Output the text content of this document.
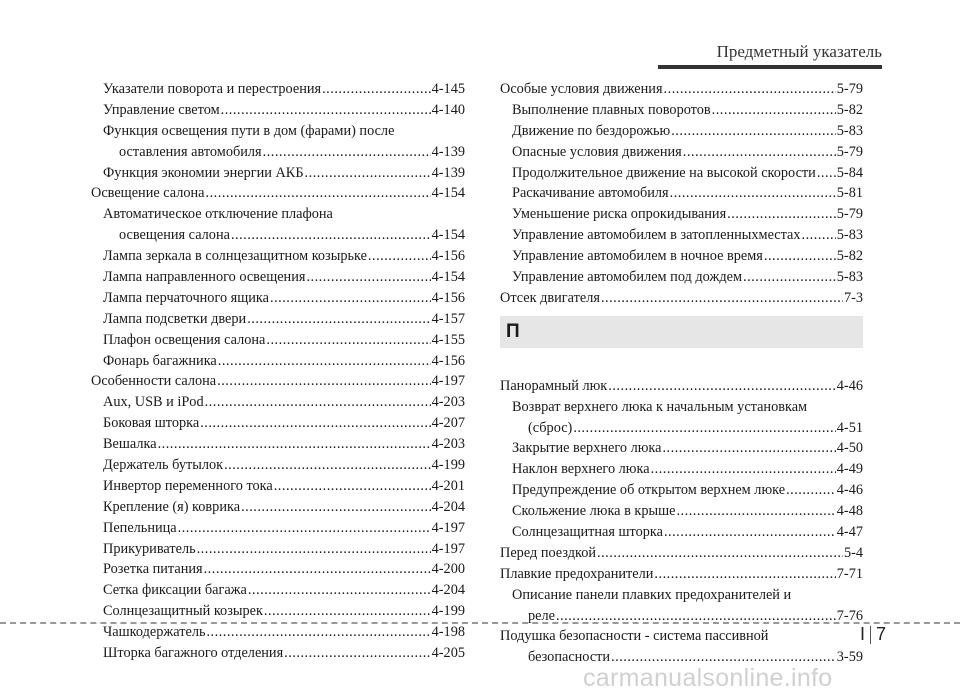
Предметный указатель
Указатели поворота и перестроения .....	4-145
Управление светом .....	4-140
Функция освещения пути в дом (фарами) после
оставления автомобиля .....	4-139
Функция экономии энергии АКБ .....	4-139
Освещение салона .....	4-154
Автоматическое отключение плафона
освещения салона .....	4-154
Лампа зеркала в солнцезащитном козырьке .....	4-156
Лампа направленного освещения .....	4-154
Лампа перчаточного ящика .....	4-156
Лампа подсветки двери .....	4-157
Плафон освещения салона .....	4-155
Фонарь багажника .....	4-156
Особенности салона .....	4-197
Aux, USB и iPod .....	4-203
Боковая шторка .....	4-207
Вешалка .....	4-203
Держатель бутылок .....	4-199
Инвертор переменного тока .....	4-201
Крепление (я) коврика .....	4-204
Пепельница .....	4-197
Прикуриватель .....	4-197
Розетка питания .....	4-200
Сетка фиксации багажа .....	4-204
Солнцезащитный козырек .....	4-199
Чашкодержатель .....	4-198
Шторка багажного отделения .....	4-205
Особые условия движения .....	5-79
Выполнение плавных поворотов .....	5-82
Движение по бездорожью .....	5-83
Опасные условия движения .....	5-79
Продолжительное движение на высокой скорости ..... 5-84
Раскачивание автомобиля .....	5-81
Уменьшение риска опрокидывания .....	5-79
Управление автомобилем в затопленныхместах .....	5-83
Управление автомобилем в ночное время .....	5-82
Управление автомобилем под дождем .....	5-83
Отсек двигателя .....	7-3
П
Панорамный люк .....	4-46
Возврат верхнего люка к начальным установкам
(сброс) .....	4-51
Закрытие верхнего люка .....	4-50
Наклон верхнего люка .....	4-49
Предупреждение об открытом верхнем люке .....	4-46
Скольжение люка в крыше .....	4-48
Солнцезащитная шторка .....	4-47
Перед поездкой .....	5-4
Плавкие предохранители .....	7-71
Описание панели плавких предохранителей и
реле .....	7-76
Подушка безопасности - система пассивной
безопасности .....	3-59
I 7
carmanualsonline.info
